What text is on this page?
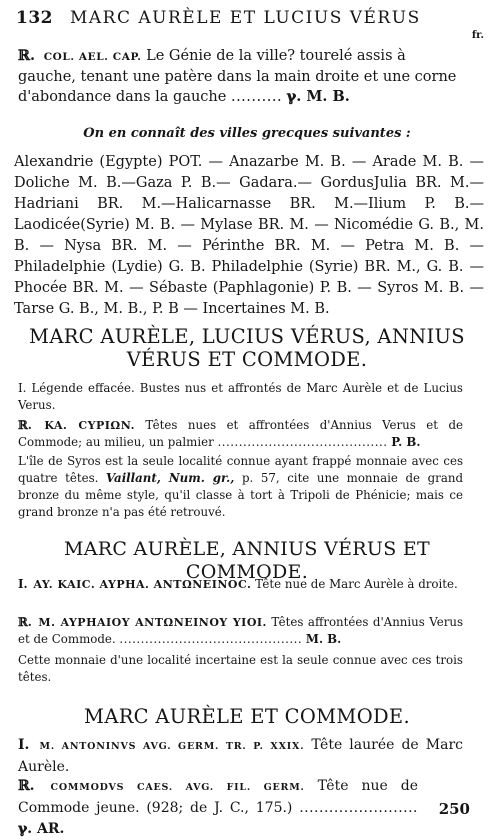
132 MARC AURÈLE ET LUCIUS VÉRUS
fr.
ℝ. COL. AEL. CAP. Le Génie de la ville? tourelé assis à gauche, tenant une patère dans la main droite et une corne d'abondance dans la gauche .......... ℽ. M. B.
On en connaît des villes grecques suivantes :
Alexandrie (Egypte) POT. — Anazarbe M. B. — Arade M. B. — Doliche M. B.—Gaza P. B.— Gadara.— GordusJulia BR. M.—Hadriani BR. M.—Halicarnasse BR. M.—Ilium P. B.—Laodicée(Syrie) M. B. — Mylase BR. M. — Nicomédie G. B., M. B. — Nysa BR. M. — Périnthe BR. M. — Petra M. B. — Philadelphie (Lydie) G. B. Philadelphie (Syrie) BR. M., G. B. — Phocée BR. M. — Sébaste (Paphlagonie) P. B. — Syros M. B. — Tarse G. B., M. B., P. B — Incertaines M. B.
MARC AURÈLE, LUCIUS VÉRUS, ANNIUS
VÉRUS ET COMMODE.
I. Légende effacée. Bustes nus et affrontés de Marc Aurèle et de Lucius Verus.
ℝ. KA. CYPIΩN. Têtes nues et affrontées d'Annius Verus et de Commode; au milieu, un palmier ........................................ P. B.
L'île de Syros est la seule localité connue ayant frappé monnaie avec ces quatre têtes. Vaillant, Num. gr., p. 57, cite une monnaie de grand bronze du même style, qu'il classe à tort à Tripoli de Phénicie; mais ce grand bronze n'a pas été retrouvé.
MARC AURÈLE, ANNIUS VÉRUS ET COMMODE.
I. AY. KAIC. AYPHA. ANTΩNEINOC. Tête nue de Marc Aurèle à droite.
ℝ. M. AYPHAIOY ANTΩNEINOY YIOI. Têtes affrontées d'Annius Verus et de Commode. ........................................... M. B.
Cette monnaie d'une localité incertaine est la seule connue avec ces trois têtes.
MARC AURÈLE ET COMMODE.
I. M. ANTONINVS AVG. GERM. TR. P. XXIX. Tête laurée de Marc Aurèle.
ℝ. COMMODVS CAES. AVG. FIL. GERM. Tête nue de Commode jeune. (928; de J. C., 175.) ........................ ℽ. AR.
250
